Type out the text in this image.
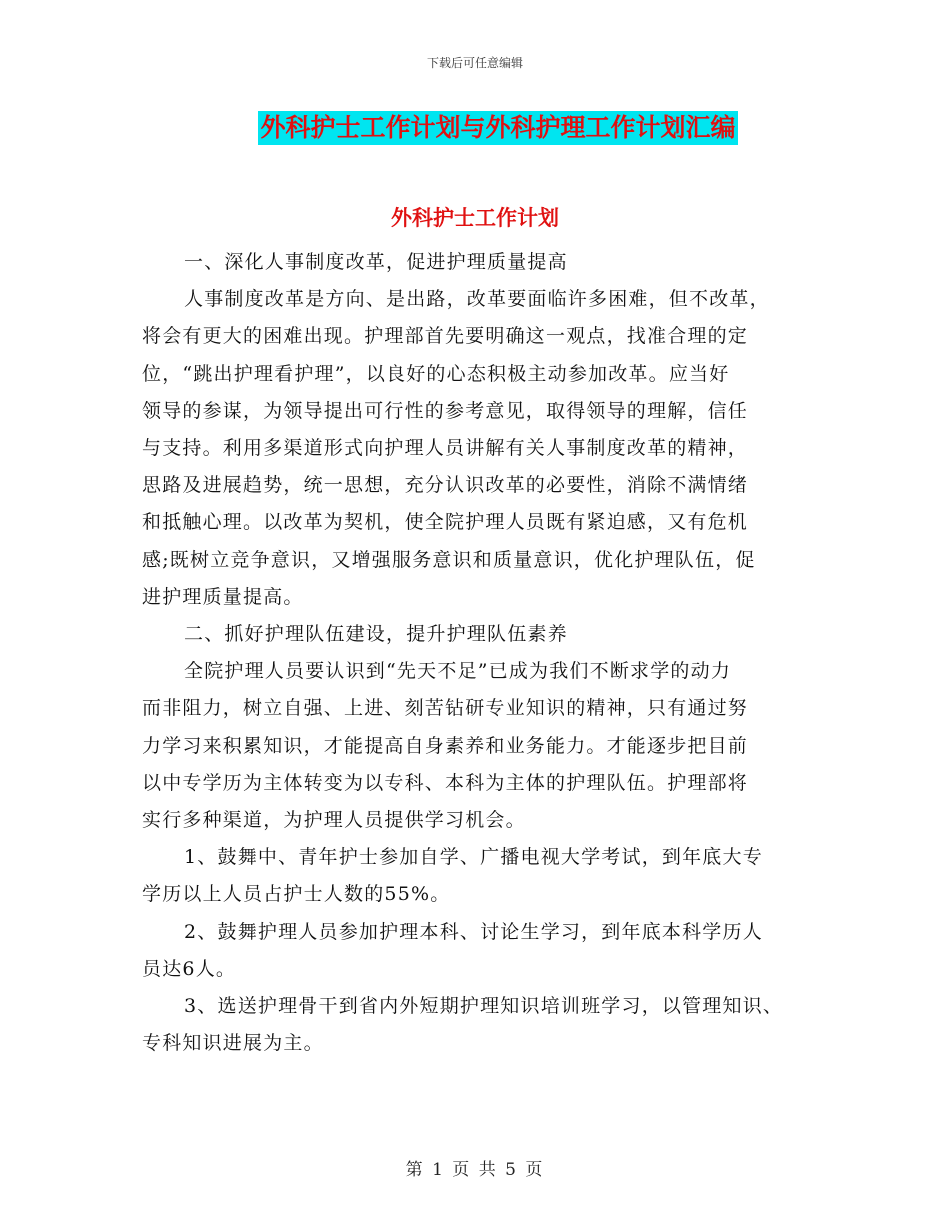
下载后可任意编辑
外科护士工作计划与外科护理工作计划汇编
外科护士工作计划
一、深化人事制度改革，促进护理质量提高
人事制度改革是方向、是出路，改革要面临许多困难，但不改革，
将会有更大的困难出现。护理部首先要明确这一观点，找准合理的定
位，“跳出护理看护理”，以良好的心态积极主动参加改革。应当好
领导的参谋，为领导提出可行性的参考意见，取得领导的理解，信任
与支持。利用多渠道形式向护理人员讲解有关人事制度改革的精神，
思路及进展趋势，统一思想，充分认识改革的必要性，消除不满情绪
和抵触心理。以改革为契机，使全院护理人员既有紧迫感，又有危机
感;既树立竞争意识，又增强服务意识和质量意识，优化护理队伍，促
进护理质量提高。
二、抓好护理队伍建设，提升护理队伍素养
全院护理人员要认识到“先天不足”已成为我们不断求学的动力
而非阻力，树立自强、上进、刻苦钻研专业知识的精神，只有通过努
力学习来积累知识，才能提高自身素养和业务能力。才能逐步把目前
以中专学历为主体转变为以专科、本科为主体的护理队伍。护理部将
实行多种渠道，为护理人员提供学习机会。
1、鼓舞中、青年护士参加自学、广播电视大学考试，到年底大专
学历以上人员占护士人数的55%。
2、鼓舞护理人员参加护理本科、讨论生学习，到年底本科学历人
员达6人。
3、选送护理骨干到省内外短期护理知识培训班学习，以管理知识、
专科知识进展为主。
第 1 页 共 5 页
